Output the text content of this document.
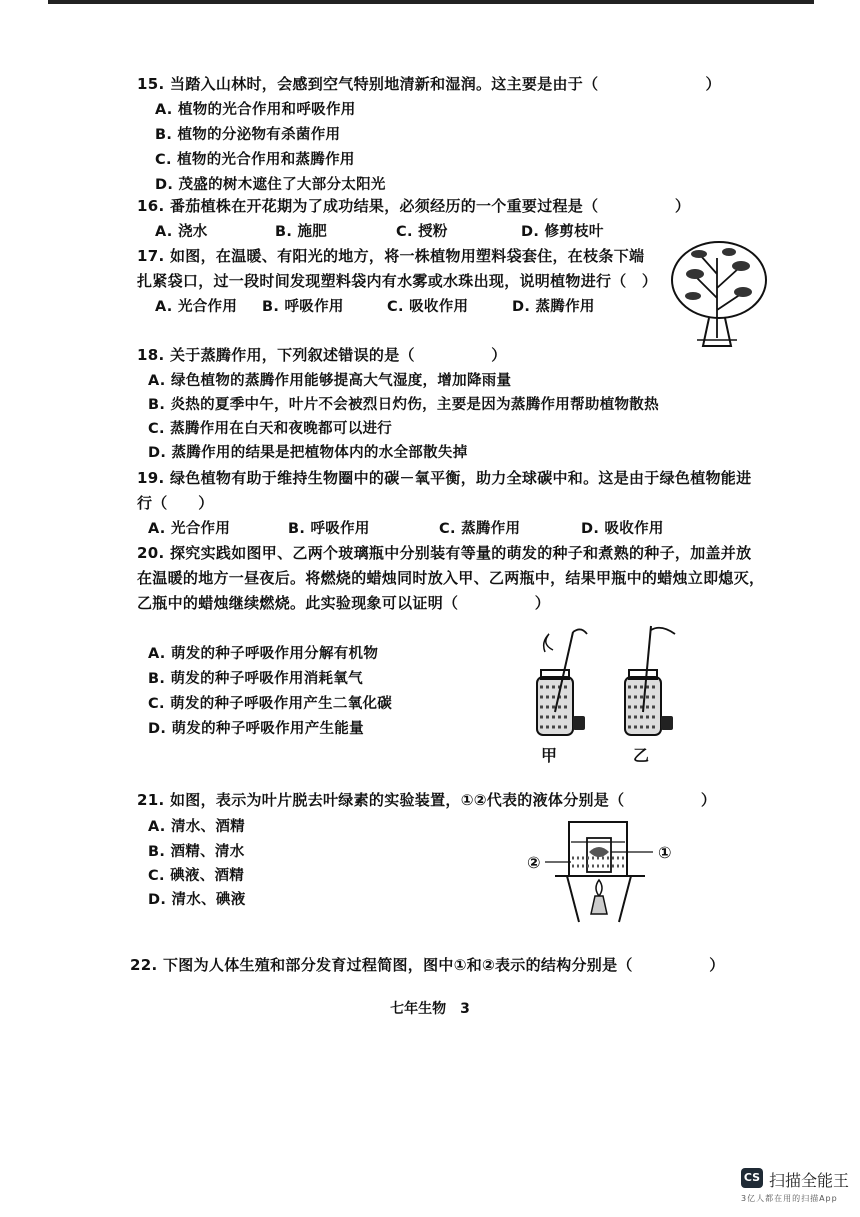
15. 当踏入山林时，会感到空气特别地清新和湿润。这主要是由于（　　　　　　　）
A. 植物的光合作用和呼吸作用
B. 植物的分泌物有杀菌作用
C. 植物的光合作用和蒸腾作用
D. 茂盛的树木遮住了大部分太阳光
16. 番茄植株在开花期为了成功结果，必须经历的一个重要过程是（　　　　　）
A. 浇水	B. 施肥	C. 授粉	D. 修剪枝叶
17. 如图，在温暖、有阳光的地方，将一株植物用塑料袋套住，在枝条下端
扎紧袋口，过一段时间发现塑料袋内有水雾或水珠出现，说明植物进行（　）
A. 光合作用 B. 呼吸作用	C. 吸收作用	D. 蒸腾作用
18. 关于蒸腾作用，下列叙述错误的是（　　　　　）
A. 绿色植物的蒸腾作用能够提高大气湿度，增加降雨量
B. 炎热的夏季中午，叶片不会被烈日灼伤，主要是因为蒸腾作用帮助植物散热
C. 蒸腾作用在白天和夜晚都可以进行
D. 蒸腾作用的结果是把植物体内的水全部散失掉
19. 绿色植物有助于维持生物圈中的碳－氧平衡，助力全球碳中和。这是由于绿色植物能进
行（　　）
A. 光合作用	B. 呼吸作用	C. 蒸腾作用	D. 吸收作用
20. 探究实践如图甲、乙两个玻璃瓶中分别装有等量的萌发的种子和煮熟的种子，加盖并放
在温暖的地方一昼夜后。将燃烧的蜡烛同时放入甲、乙两瓶中，结果甲瓶中的蜡烛立即熄灭，
乙瓶中的蜡烛继续燃烧。此实验现象可以证明（　　　　　）
A. 萌发的种子呼吸作用分解有机物
B. 萌发的种子呼吸作用消耗氧气
C. 萌发的种子呼吸作用产生二氧化碳
D. 萌发的种子呼吸作用产生能量
甲	乙
21. 如图，表示为叶片脱去叶绿素的实验装置，①②代表的液体分别是（　　　　　）
A. 清水、酒精
B. 酒精、清水
C. 碘液、酒精
D. 清水、碘液
②
①
22. 下图为人体生殖和部分发育过程简图，图中①和②表示的结构分别是（　　　　　）
七年生物　3
CS 扫描全能王
3亿人都在用的扫描App
